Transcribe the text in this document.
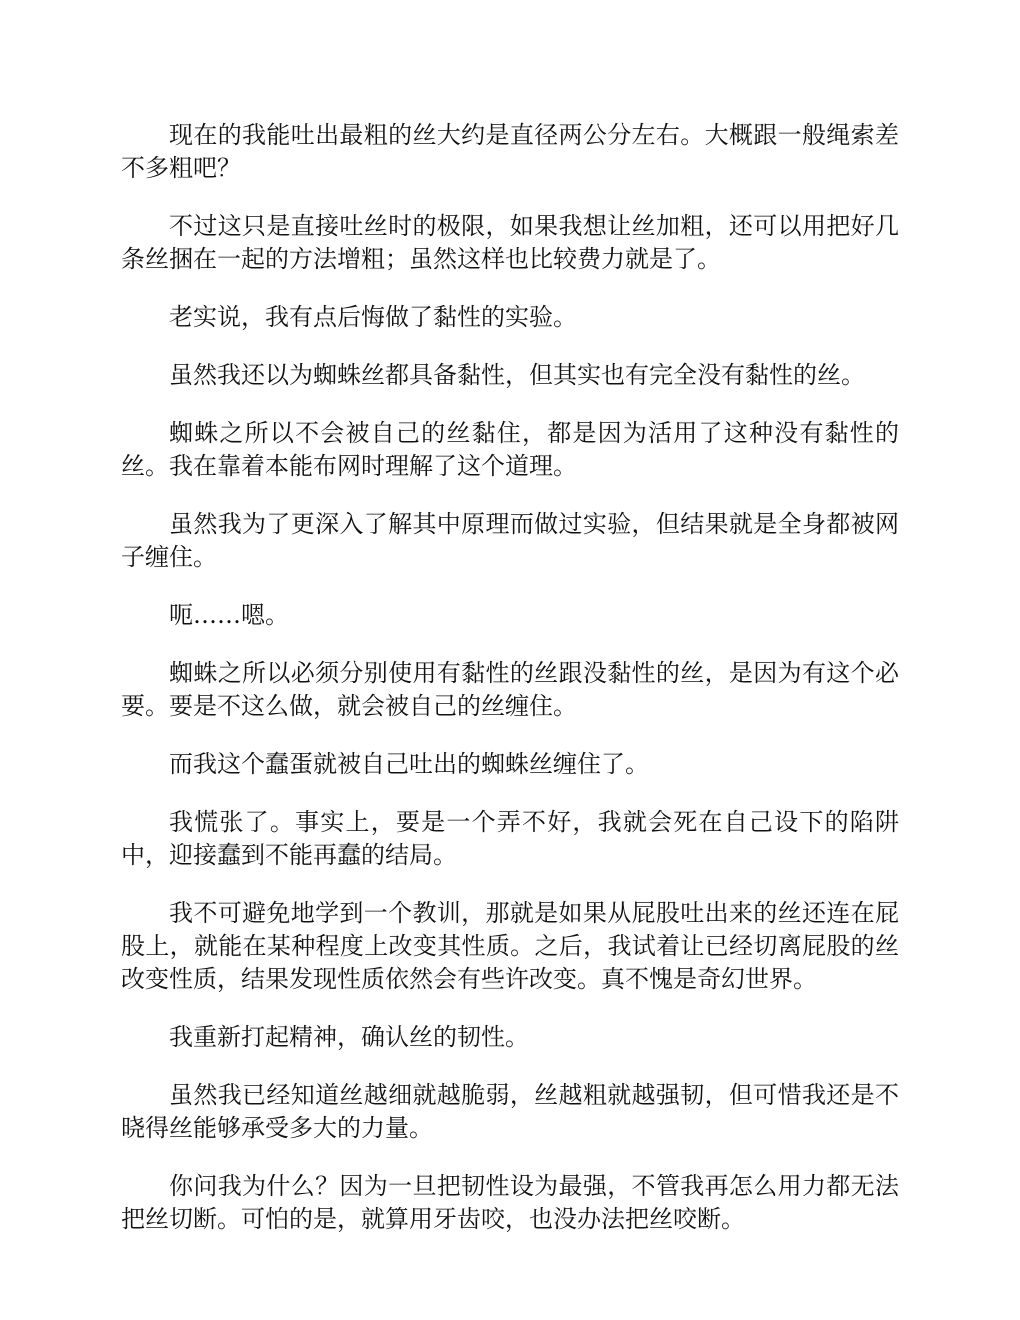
现在的我能吐出最粗的丝大约是直径两公分左右。大概跟一般绳索差不多粗吧？

不过这只是直接吐丝时的极限，如果我想让丝加粗，还可以用把好几条丝捆在一起的方法增粗；虽然这样也比较费力就是了。

老实说，我有点后悔做了黏性的实验。

虽然我还以为蜘蛛丝都具备黏性，但其实也有完全没有黏性的丝。

蜘蛛之所以不会被自己的丝黏住，都是因为活用了这种没有黏性的丝。我在靠着本能布网时理解了这个道理。

虽然我为了更深入了解其中原理而做过实验，但结果就是全身都被网子缠住。

呃……嗯。

蜘蛛之所以必须分别使用有黏性的丝跟没黏性的丝，是因为有这个必要。要是不这么做，就会被自己的丝缠住。

而我这个蠢蛋就被自己吐出的蜘蛛丝缠住了。

我慌张了。事实上，要是一个弄不好，我就会死在自己设下的陷阱中，迎接蠢到不能再蠢的结局。

我不可避免地学到一个教训，那就是如果从屁股吐出来的丝还连在屁股上，就能在某种程度上改变其性质。之后，我试着让已经切离屁股的丝改变性质，结果发现性质依然会有些许改变。真不愧是奇幻世界。

我重新打起精神，确认丝的韧性。

虽然我已经知道丝越细就越脆弱，丝越粗就越强韧，但可惜我还是不晓得丝能够承受多大的力量。

你问我为什么？因为一旦把韧性设为最强，不管我再怎么用力都无法把丝切断。可怕的是，就算用牙齿咬，也没办法把丝咬断。
